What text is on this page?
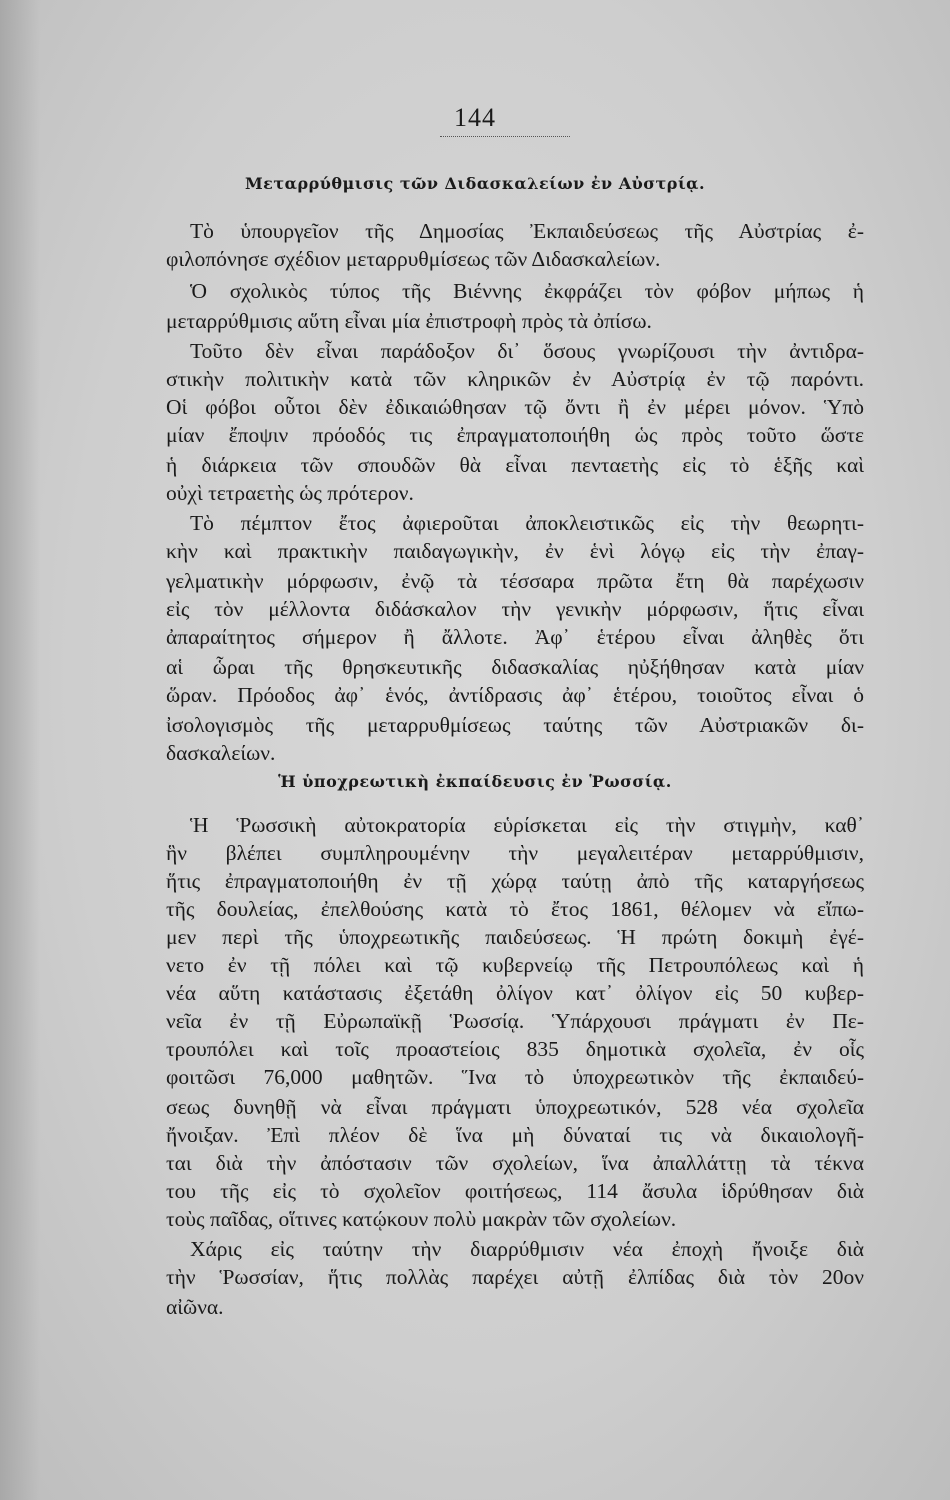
144
Μεταρρύθμισις τῶν Διδασκαλείων ἐν Αὐστρίᾳ.
Τὸ ὑπουργεῖον τῆς Δημοσίας Ἐκπαιδεύσεως τῆς Αὐστρίας ἐ-
φιλοπόνησε σχέδιον μεταρρυθμίσεως τῶν Διδασκαλείων.
Ὁ σχολικὸς τύπος τῆς Βιέννης ἐκφράζει τὸν φόβον μήπως ἡ
μεταρρύθμισις αὕτη εἶναι μία ἐπιστροφὴ πρὸς τὰ ὀπίσω.
Τοῦτο δὲν εἶναι παράδοξον δι᾽ ὅσους γνωρίζουσι τὴν ἀντιδρα-
στικὴν πολιτικὴν κατὰ τῶν κληρικῶν ἐν Αὐστρίᾳ ἐν τῷ παρόντι.
Οἱ φόβοι οὗτοι δὲν ἐδικαιώθησαν τῷ ὄντι ἢ ἐν μέρει μόνον. Ὑπὸ
μίαν ἔποψιν πρόοδός τις ἐπραγματοποιήθη ὡς πρὸς τοῦτο ὥστε
ἡ διάρκεια τῶν σπουδῶν θὰ εἶναι πενταετὴς εἰς τὸ ἑξῆς καὶ
οὐχὶ τετραετὴς ὡς πρότερον.
Τὸ πέμπτον ἔτος ἀφιεροῦται ἀποκλειστικῶς εἰς τὴν θεωρητι-
κὴν καὶ πρακτικὴν παιδαγωγικὴν, ἐν ἑνὶ λόγῳ εἰς τὴν ἐπαγ-
γελματικὴν μόρφωσιν, ἐνῷ τὰ τέσσαρα πρῶτα ἔτη θὰ παρέχωσιν
εἰς τὸν μέλλοντα διδάσκαλον τὴν γενικὴν μόρφωσιν, ἥτις εἶναι
ἀπαραίτητος σήμερον ἢ ἄλλοτε. Ἀφ᾽ ἑτέρου εἶναι ἀληθὲς ὅτι
αἱ ὧραι τῆς θρησκευτικῆς διδασκαλίας ηὐξήθησαν κατὰ μίαν
ὥραν. Πρόοδος ἀφ᾽ ἑνός, ἀντίδρασις ἀφ᾽ ἑτέρου, τοιοῦτος εἶναι ὁ
ἰσολογισμὸς τῆς μεταρρυθμίσεως ταύτης τῶν Αὐστριακῶν δι-
δασκαλείων.
Ἡ ὑποχρεωτικὴ ἐκπαίδευσις ἐν Ῥωσσίᾳ.
Ἡ Ῥωσσικὴ αὐτοκρατορία εὑρίσκεται εἰς τὴν στιγμὴν, καθ᾽
ἣν βλέπει συμπληρουμένην τὴν μεγαλειτέραν μεταρρύθμισιν,
ἥτις ἐπραγματοποιήθη ἐν τῇ χώρᾳ ταύτῃ ἀπὸ τῆς καταργήσεως
τῆς δουλείας, ἐπελθούσης κατὰ τὸ ἔτος 1861, θέλομεν νὰ εἴπω-
μεν περὶ τῆς ὑποχρεωτικῆς παιδεύσεως. Ἡ πρώτη δοκιμὴ ἐγέ-
νετο ἐν τῇ πόλει καὶ τῷ κυβερνείῳ τῆς Πετρουπόλεως καὶ ἡ
νέα αὕτη κατάστασις ἐξετάθη ὀλίγον κατ᾽ ὀλίγον εἰς 50 κυβερ-
νεῖα ἐν τῇ Εὐρωπαϊκῇ Ῥωσσίᾳ. Ὑπάρχουσι πράγματι ἐν Πε-
τρουπόλει καὶ τοῖς προαστείοις 835 δημοτικὰ σχολεῖα, ἐν οἷς
φοιτῶσι 76,000 μαθητῶν. Ἵνα τὸ ὑποχρεωτικὸν τῆς ἐκπαιδεύ-
σεως δυνηθῇ νὰ εἶναι πράγματι ὑποχρεωτικόν, 528 νέα σχολεῖα
ἤνοιξαν. Ἐπὶ πλέον δὲ ἵνα μὴ δύναταί τις νὰ δικαιολογῆ-
ται διὰ τὴν ἀπόστασιν τῶν σχολείων, ἵνα ἀπαλλάττῃ τὰ τέκνα
του τῆς εἰς τὸ σχολεῖον φοιτήσεως, 114 ἄσυλα ἱδρύθησαν διὰ
τοὺς παῖδας, οἵτινες κατῴκουν πολὺ μακρὰν τῶν σχολείων.
Χάρις εἰς ταύτην τὴν διαρρύθμισιν νέα ἐποχὴ ἤνοιξε διὰ
τὴν Ῥωσσίαν, ἥτις πολλὰς παρέχει αὐτῇ ἐλπίδας διὰ τὸν 20ον
αἰῶνα.
